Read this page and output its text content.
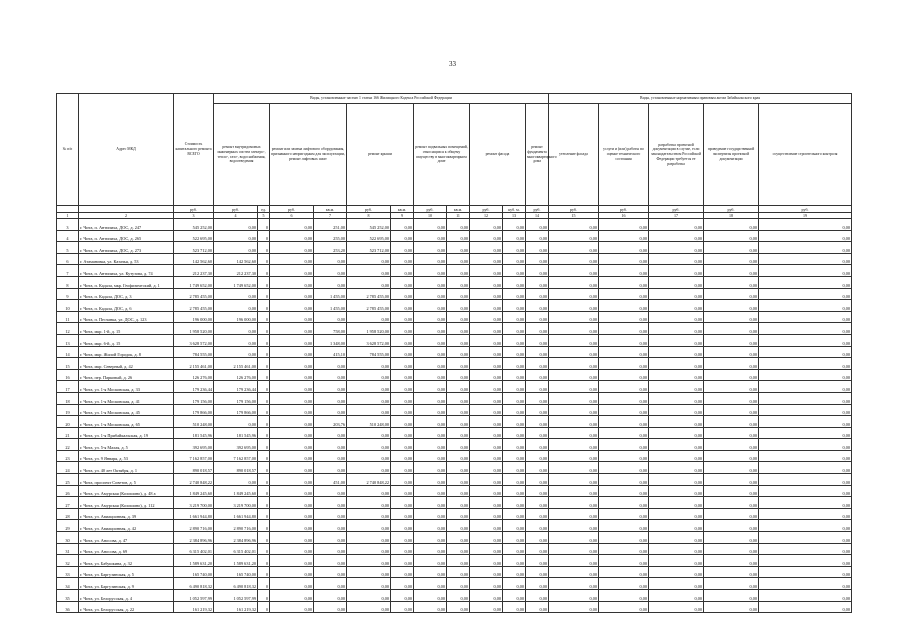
33
№ п/п	Адрес МКД	Стоимость капитального ремонта ВСЕГО	Виды, установленные частью 1 статьи 166 Жилищного Кодекса Российской Федерации											Виды, установленные нормативным правовым актом Забайкальского края				
			ремонт внутридомовых инженерных систем электро-, тепло-, газо-, водоснабжения, водоотведения		ремонт или замена лифтового оборудования, признанного непригодным для эксплуатации, ремонт лифтовых шахт		ремонт крыши		ремонт подвальных помещений, относящихся к общему имуществу в многоквартирном доме		ремонт фасада		ремонт фундамента многоквартирного дома	утепление фасада	услуги и (или) работы по оценке технического состояния	разработка проектной документации в случае, если законодательством Российской Федерации требуется ее разработка	проведение государственной экспертизы проектной документации	осуществление строительного контроля
		руб.	руб.	ед.	руб.	кв.м.	руб.	кв.м.	руб.	кв.м.	руб.	куб. м.	руб.	руб.	руб.	руб.	руб.	руб.
1	2	3	4	5	6	7	8	9	10	11	12	13	14	15	16	17	18	19
3	г. Чита, п. Антипиха, ДОС, д. 247	545 252,00	0,00	0	0,00	251,00	545 252,00	0,00	0,00	0,00	0,00	0,00	0,00	0,00	0,00	0,00	0,00	0,00
4	г. Чита, п. Антипиха, ДОС, д. 265	522 695,00	0,00	0	0,00	255,00	522 695,00	0,00	0,00	0,00	0,00	0,00	0,00	0,00	0,00	0,00	0,00	0,00
5	г. Чита, п. Антипиха, ДОС, д. 273	523 712,00	0,00	0	0,00	253,20	523 712,00	0,00	0,00	0,00	0,00	0,00	0,00	0,00	0,00	0,00	0,00	0,00
6	г. Атамановка, ул. Казачья, д. 53	142 562,60	142 562,60	0	0,00	0,00	0,00	0,00	0,00	0,00	0,00	0,00	0,00	0,00	0,00	0,00	0,00	0,00
7	г. Чита, п. Антипиха, ул. Кутузова, д. 74	212 237,30	212 237,30	0	0,00	0,00	0,00	0,00	0,00	0,00	0,00	0,00	0,00	0,00	0,00	0,00	0,00	0,00
8	г. Чита, п. Кадала, мкр. Геофизический, д. 1	1 749 652,00	1 749 652,00	0	0,00	0,00	0,00	0,00	0,00	0,00	0,00	0,00	0,00	0,00	0,00	0,00	0,00	0,00
9	г. Чита, п. Кадала, ДОС, д. 3	2 785 455,00	0,00	0	0,00	1 455,00	2 785 455,00	0,00	0,00	0,00	0,00	0,00	0,00	0,00	0,00	0,00	0,00	0,00
10	г. Чита, п. Кадала, ДОС, д. 6	2 785 455,00	0,00	0	0,00	1 455,00	2 785 455,00	0,00	0,00	0,00	0,00	0,00	0,00	0,00	0,00	0,00	0,00	0,00
11	г. Чита, п. Песчанка, ул. ДОС, д. 123	196 000,00	196 000,00	0	0,00	0,00	0,00	0,00	0,00	0,00	0,00	0,00	0,00	0,00	0,00	0,00	0,00	0,00
12	г. Чита, мкр. 1-й, д. 15	1 958 520,00	0,00	0	0,00	758,00	1 958 520,00	0,00	0,00	0,00	0,00	0,00	0,00	0,00	0,00	0,00	0,00	0,00
13	г. Чита, мкр. 6-й, д. 15	3 628 572,00	0,00	0	0,00	1 348,00	3 628 572,00	0,00	0,00	0,00	0,00	0,00	0,00	0,00	0,00	0,00	0,00	0,00
14	г. Чита, мкр. Жилой Городок, д. 8	784 555,00	0,00	0	0,00	415,10	784 555,00	0,00	0,00	0,00	0,00	0,00	0,00	0,00	0,00	0,00	0,00	0,00
15	г. Чита, мкр. Северный, д. 42	2 155 461,00	2 155 461,00	0	0,00	0,00	0,00	0,00	0,00	0,00	0,00	0,00	0,00	0,00	0,00	0,00	0,00	0,00
16	г. Чита, пер. Парковый, д. 26	126 276,00	126 276,00	0	0,00	0,00	0,00	0,00	0,00	0,00	0,00	0,00	0,00	0,00	0,00	0,00	0,00	0,00
17	г. Чита, ул. 1-я Московская, д. 33	179 236,44	179 236,44	0	0,00	0,00	0,00	0,00	0,00	0,00	0,00	0,00	0,00	0,00	0,00	0,00	0,00	0,00
18	г. Чита, ул. 1-я Московская, д. 41	179 156,00	179 156,00	0	0,00	0,00	0,00	0,00	0,00	0,00	0,00	0,00	0,00	0,00	0,00	0,00	0,00	0,00
19	г. Чита, ул. 1-я Московская, д. 45	179 866,00	179 866,00	0	0,00	0,00	0,00	0,00	0,00	0,00	0,00	0,00	0,00	0,00	0,00	0,00	0,00	0,00
20	г. Чита, ул. 1-я Московская, д. 65	510 248,00	0,00	0	0,00	203,76	510 248,00	0,00	0,00	0,00	0,00	0,00	0,00	0,00	0,00	0,00	0,00	0,00
21	г. Чита, ул. 1-я Прибайкальская, д. 19	181 545,96	181 545,96	0	0,00	0,00	0,00	0,00	0,00	0,00	0,00	0,00	0,00	0,00	0,00	0,00	0,00	0,00
22	г. Чита, ул. 5-я Малая, д. 5	392 695,00	392 695,00	0	0,00	0,00	0,00	0,00	0,00	0,00	0,00	0,00	0,00	0,00	0,00	0,00	0,00	0,00
23	г. Чита, ул. 9 Января, д. 53	7 162 857,00	7 162 857,00	0	0,00	0,00	0,00	0,00	0,00	0,00	0,00	0,00	0,00	0,00	0,00	0,00	0,00	0,00
24	г. Чита, ул. 40 лет Октября, д. 1	890 018,57	890 018,57	0	0,00	0,00	0,00	0,00	0,00	0,00	0,00	0,00	0,00	0,00	0,00	0,00	0,00	0,00
25	г. Чита, проспект Советов, д. 5	2 740 848,22	0,00	0	0,00	451,00	2 740 848,22	0,00	0,00	0,00	0,00	0,00	0,00	0,00	0,00	0,00	0,00	0,00
26	г. Чита, ул. Амурская (Колошино), д. 48 а	1 849 245,60	1 849 245,60	0	0,00	0,00	0,00	0,00	0,00	0,00	0,00	0,00	0,00	0,00	0,00	0,00	0,00	0,00
27	г. Чита, ул. Амурская (Колошино), д. 112	3 219 700,00	3 219 700,00	0	0,00	0,00	0,00	0,00	0,00	0,00	0,00	0,00	0,00	0,00	0,00	0,00	0,00	0,00
28	г. Чита, ул. Авиационная, д. 39	1 661 944,80	1 661 944,80	0	0,00	0,00	0,00	0,00	0,00	0,00	0,00	0,00	0,00	0,00	0,00	0,00	0,00	0,00
29	г. Чита, ул. Авиационная, д. 42	2 890 716,00	2 890 716,00	0	0,00	0,00	0,00	0,00	0,00	0,00	0,00	0,00	0,00	0,00	0,00	0,00	0,00	0,00
30	г. Чита, ул. Аносова, д. 47	2 384 896,96	2 384 896,96	0	0,00	0,00	0,00	0,00	0,00	0,00	0,00	0,00	0,00	0,00	0,00	0,00	0,00	0,00
31	г. Чита, ул. Аносова, д. 69	6 315 402,01	6 315 402,01	0	0,00	0,00	0,00	0,00	0,00	0,00	0,00	0,00	0,00	0,00	0,00	0,00	0,00	0,00
32	г. Чита, ул. Бабушкина, д. 32	1 589 631,20	1 589 631,20	0	0,00	0,00	0,00	0,00	0,00	0,00	0,00	0,00	0,00	0,00	0,00	0,00	0,00	0,00
33	г. Чита, ул. Баргузинская, д. 5	165 740,00	165 740,00	0	0,00	0,00	0,00	0,00	0,00	0,00	0,00	0,00	0,00	0,00	0,00	0,00	0,00	0,00
34	г. Чита, ул. Баргузинская, д. 9	6 490 818,32	6 490 818,32	0	0,00	0,00	0,00	0,00	0,00	0,00	0,00	0,00	0,00	0,00	0,00	0,00	0,00	0,00
35	г. Чита, ул. Белорусская, д. 4	1 052 597,99	1 052 597,99	0	0,00	0,00	0,00	0,00	0,00	0,00	0,00	0,00	0,00	0,00	0,00	0,00	0,00	0,00
36	г. Чита, ул. Белорусская, д. 22	161 219,32	161 219,32	0	0,00	0,00	0,00	0,00	0,00	0,00	0,00	0,00	0,00	0,00	0,00	0,00	0,00	0,00
